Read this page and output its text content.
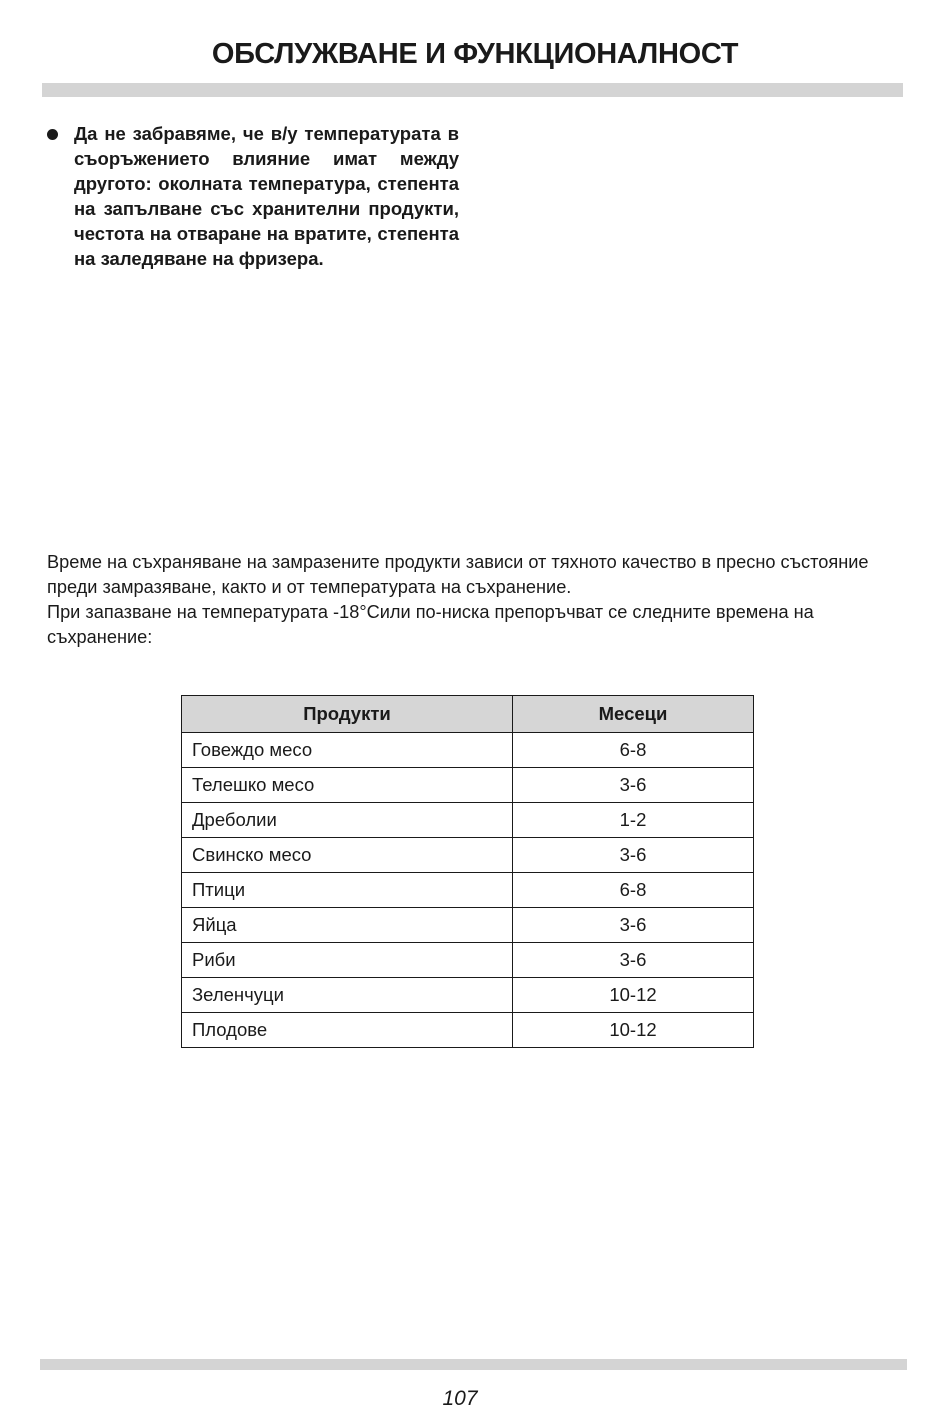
ОБСЛУЖВАНЕ И ФУНКЦИОНАЛНОСТ
Да не забравяме, че в/у температурата в съоръжението влияние имат между другото: околната температура, степента на запълване със хранителни продукти, честота на отваране на вратите, степента на заледяване на фризера.

Време на съхраняване на замразените продукти зависи от тяхното качество в пресно състояние преди замразяване, както и от температурата на съхранение.

При запазване на температурата -18°Сили по-ниска препоръчват се следните времена на съхранение:

Продукти	Месеци
Говеждо месо	6-8
Телешко месо	3-6
Дреболии	1-2
Свинско месо	3-6
Птици	6-8
Яйца	3-6
Риби	3-6
Зеленчуци	10-12
Плодове	10-12
107
